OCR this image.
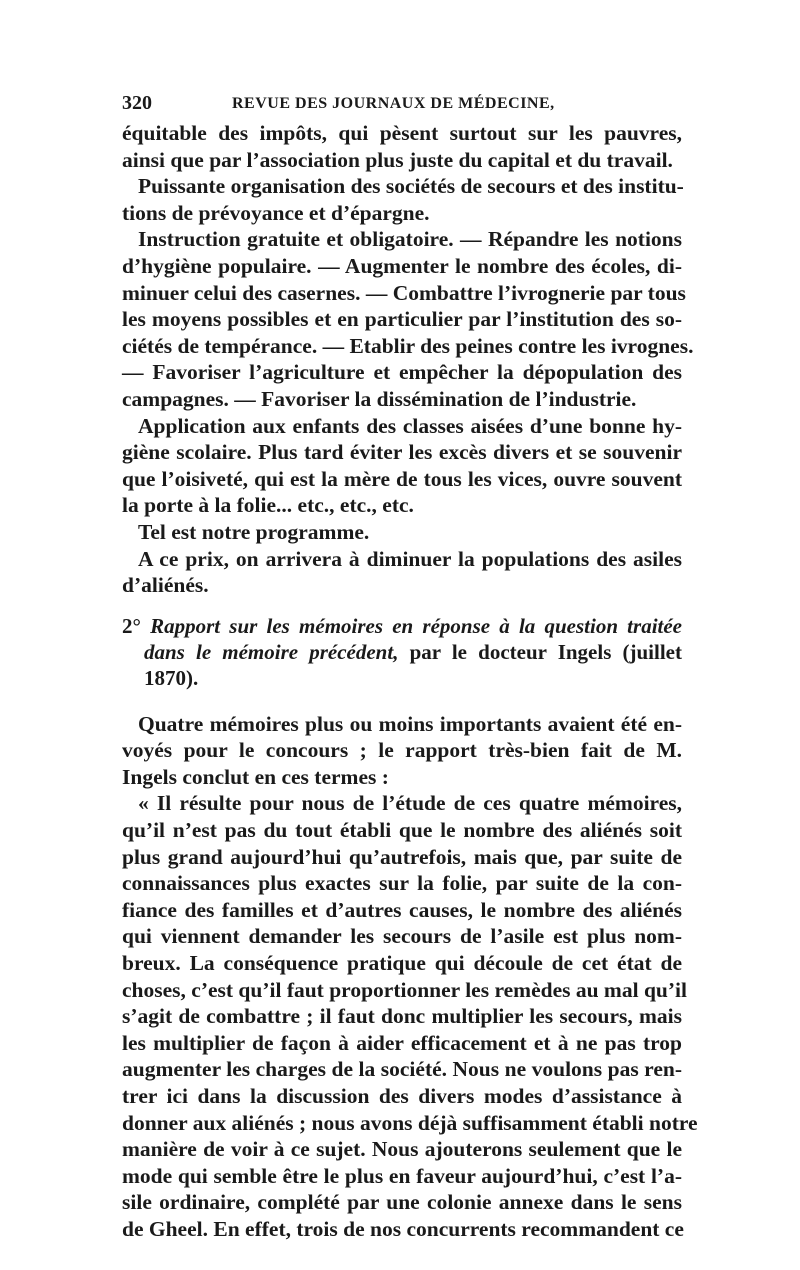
320	REVUE DES JOURNAUX DE MÉDECINE,

équitable des impôts, qui pèsent surtout sur les pauvres,
ainsi que par l’association plus juste du capital et du travail.

Puissante organisation des sociétés de secours et des institu-
tions de prévoyance et d’épargne.

Instruction gratuite et obligatoire. — Répandre les notions
d’hygiène populaire. — Augmenter le nombre des écoles, di-
minuer celui des casernes. — Combattre l’ivrognerie par tous
les moyens possibles et en particulier par l’institution des so-
ciétés de tempérance. — Etablir des peines contre les ivrognes.
— Favoriser l’agriculture et empêcher la dépopulation des
campagnes. — Favoriser la dissémination de l’industrie.

Application aux enfants des classes aisées d’une bonne hy-
giène scolaire. Plus tard éviter les excès divers et se souvenir
que l’oisiveté, qui est la mère de tous les vices, ouvre souvent
la porte à la folie... etc., etc., etc.

Tel est notre programme.

A ce prix, on arrivera à diminuer la populations des asiles
d’aliénés.

2° Rapport sur les mémoires en réponse à la question traitée
dans le mémoire précédent, par le docteur Ingels (juillet
1870).

Quatre mémoires plus ou moins importants avaient été en-
voyés pour le concours ; le rapport très-bien fait de M.
Ingels conclut en ces termes :

« Il résulte pour nous de l’étude de ces quatre mémoires,
qu’il n’est pas du tout établi que le nombre des aliénés soit
plus grand aujourd’hui qu’autrefois, mais que, par suite de
connaissances plus exactes sur la folie, par suite de la con-
fiance des familles et d’autres causes, le nombre des aliénés
qui viennent demander les secours de l’asile est plus nom-
breux. La conséquence pratique qui découle de cet état de
choses, c’est qu’il faut proportionner les remèdes au mal qu’il
s’agit de combattre ; il faut donc multiplier les secours, mais
les multiplier de façon à aider efficacement et à ne pas trop
augmenter les charges de la société. Nous ne voulons pas ren-
trer ici dans la discussion des divers modes d’assistance à
donner aux aliénés ; nous avons déjà suffisamment établi notre
manière de voir à ce sujet. Nous ajouterons seulement que le
mode qui semble être le plus en faveur aujourd’hui, c’est l’a-
sile ordinaire, complété par une colonie annexe dans le sens
de Gheel. En effet, trois de nos concurrents recommandent ce
